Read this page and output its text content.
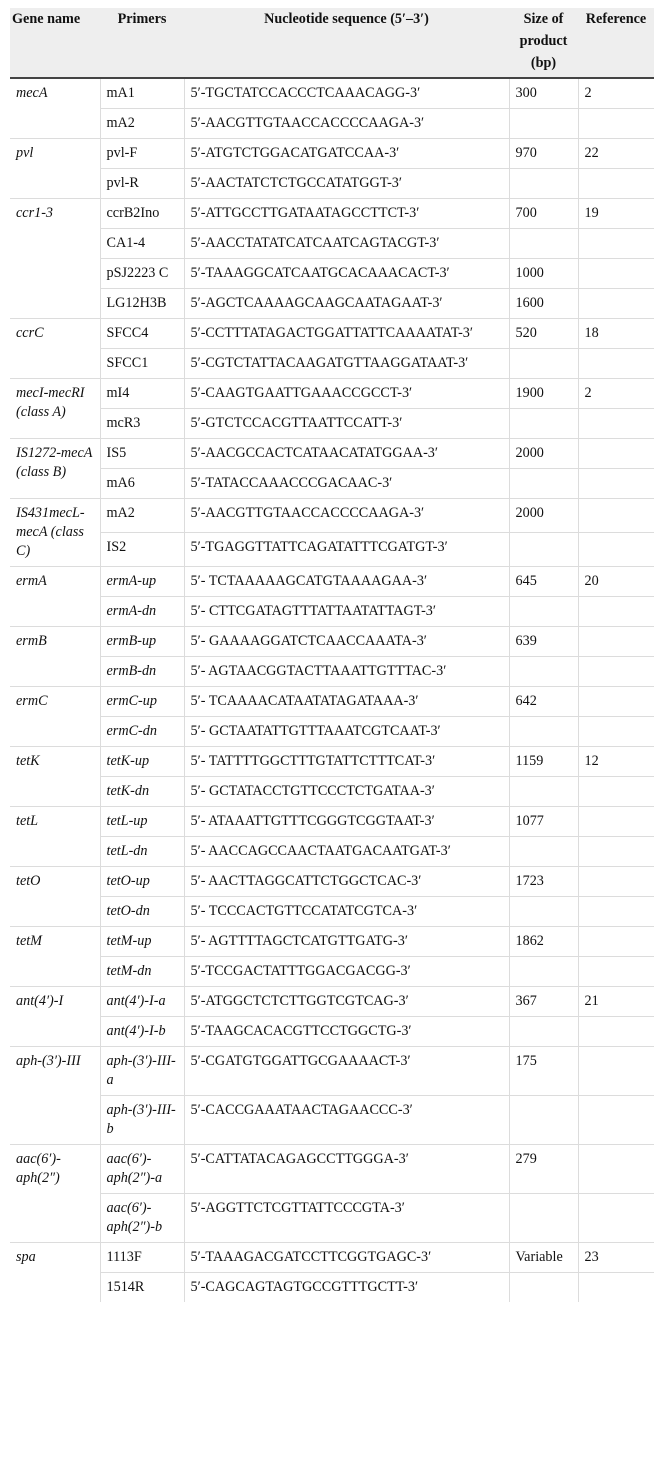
Gene name	Primers	Nucleotide sequence (5′–3′)	Size of product (bp)	Reference
mecA	mA1	5′-TGCTATCCACCCTCAAACAGG-3′	300	2
	mA2	5′-AACGTTGTAACCACCCCAAGA-3′		
pvl	pvl-F	5′-ATGTCTGGACATGATCCAA-3′	970	22
	pvl-R	5′-AACTATCTCTGCCATATGGT-3′		
ccr1-3	ccrB2Ino	5′-ATTGCCTTGATAATAGCCTTCT-3′	700	19
	CA1-4	5′-AACCTATATCATCAATCAGTACGT-3′		
	pSJ2223 C	5′-TAAAGGCATCAATGCACAAACACT-3′	1000	
	LG12H3B	5′-AGCTCAAAAGCAAGCAATAGAAT-3′	1600	
ccrC	SFCC4	5′-CCTTTATAGACTGGATTATTCAAAATAT-3′	520	18
	SFCC1	5′-CGTCTATTACAAGATGTTAAGGATAAT-3′		
mecI-mecRI (class A)	mI4	5′-CAAGTGAATTGAAACCGCCT-3′	1900	2
	mcR3	5′-GTCTCCACGTTAATTCCATT-3′		
IS1272-mecA (class B)	IS5	5′-AACGCCACTCATAACATATGGAA-3′	2000	
	mA6	5′-TATACCAAACCCGACAAC-3′		
IS431mecL-mecA (class C)	mA2	5′-AACGTTGTAACCACCCCAAGA-3′	2000	
	IS2	5′-TGAGGTTATTCAGATATTTCGATGT-3′		
ermA	ermA-up	5′- TCTAAAAAGCATGTAAAAGAA-3′	645	20
	ermA-dn	5′- CTTCGATAGTTTATTAATATTAGT-3′		
ermB	ermB-up	5′- GAAAAGGATCTCAACCAAATA-3′	639	
	ermB-dn	5′- AGTAACGGTACTTAAATTGTTTAC-3′		
ermC	ermC-up	5′- TCAAAACATAATATAGATAAA-3′	642	
	ermC-dn	5′- GCTAATATTGTTTAAATCGTCAAT-3′		
tetK	tetK-up	5′- TATTTTGGCTTTGTATTCTTTCAT-3′	1159	12
	tetK-dn	5′- GCTATACCTGTTCCCTCTGATAA-3′		
tetL	tetL-up	5′- ATAAATTGTTTCGGGTCGGTAAT-3′	1077	
	tetL-dn	5′- AACCAGCCAACTAATGACAATGAT-3′		
tetO	tetO-up	5′- AACTTAGGCATTCTGGCTCAC-3′	1723	
	tetO-dn	5′- TCCCACTGTTCCATATCGTCA-3′		
tetM	tetM-up	5′- AGTTTTAGCTCATGTTGATG-3′	1862	
	tetM-dn	5′-TCCGACTATTTGGACGACGG-3′		
ant(4′)-I	ant(4′)-I-a	5′-ATGGCTCTCTTGGTCGTCAG-3′	367	21
	ant(4′)-I-b	5′-TAAGCACACGTTCCTGGCTG-3′		
aph-(3′)-III	aph-(3′)-III-a	5′-CGATGTGGATTGCGAAAACT-3′	175	
	aph-(3′)-III-b	5′-CACCGAAATAACTAGAACCC-3′		
aac(6′)-aph(2″)	aac(6′)-aph(2″)-a	5′-CATTATACAGAGCCTTGGGA-3′	279	
	aac(6′)-aph(2″)-b	5′-AGGTTCTCGTTATTCCCGTA-3′		
spa	1113F	5′-TAAAGACGATCCTTCGGTGAGC-3′	Variable	23
	1514R	5′-CAGCAGTAGTGCCGTTTGCTT-3′		
